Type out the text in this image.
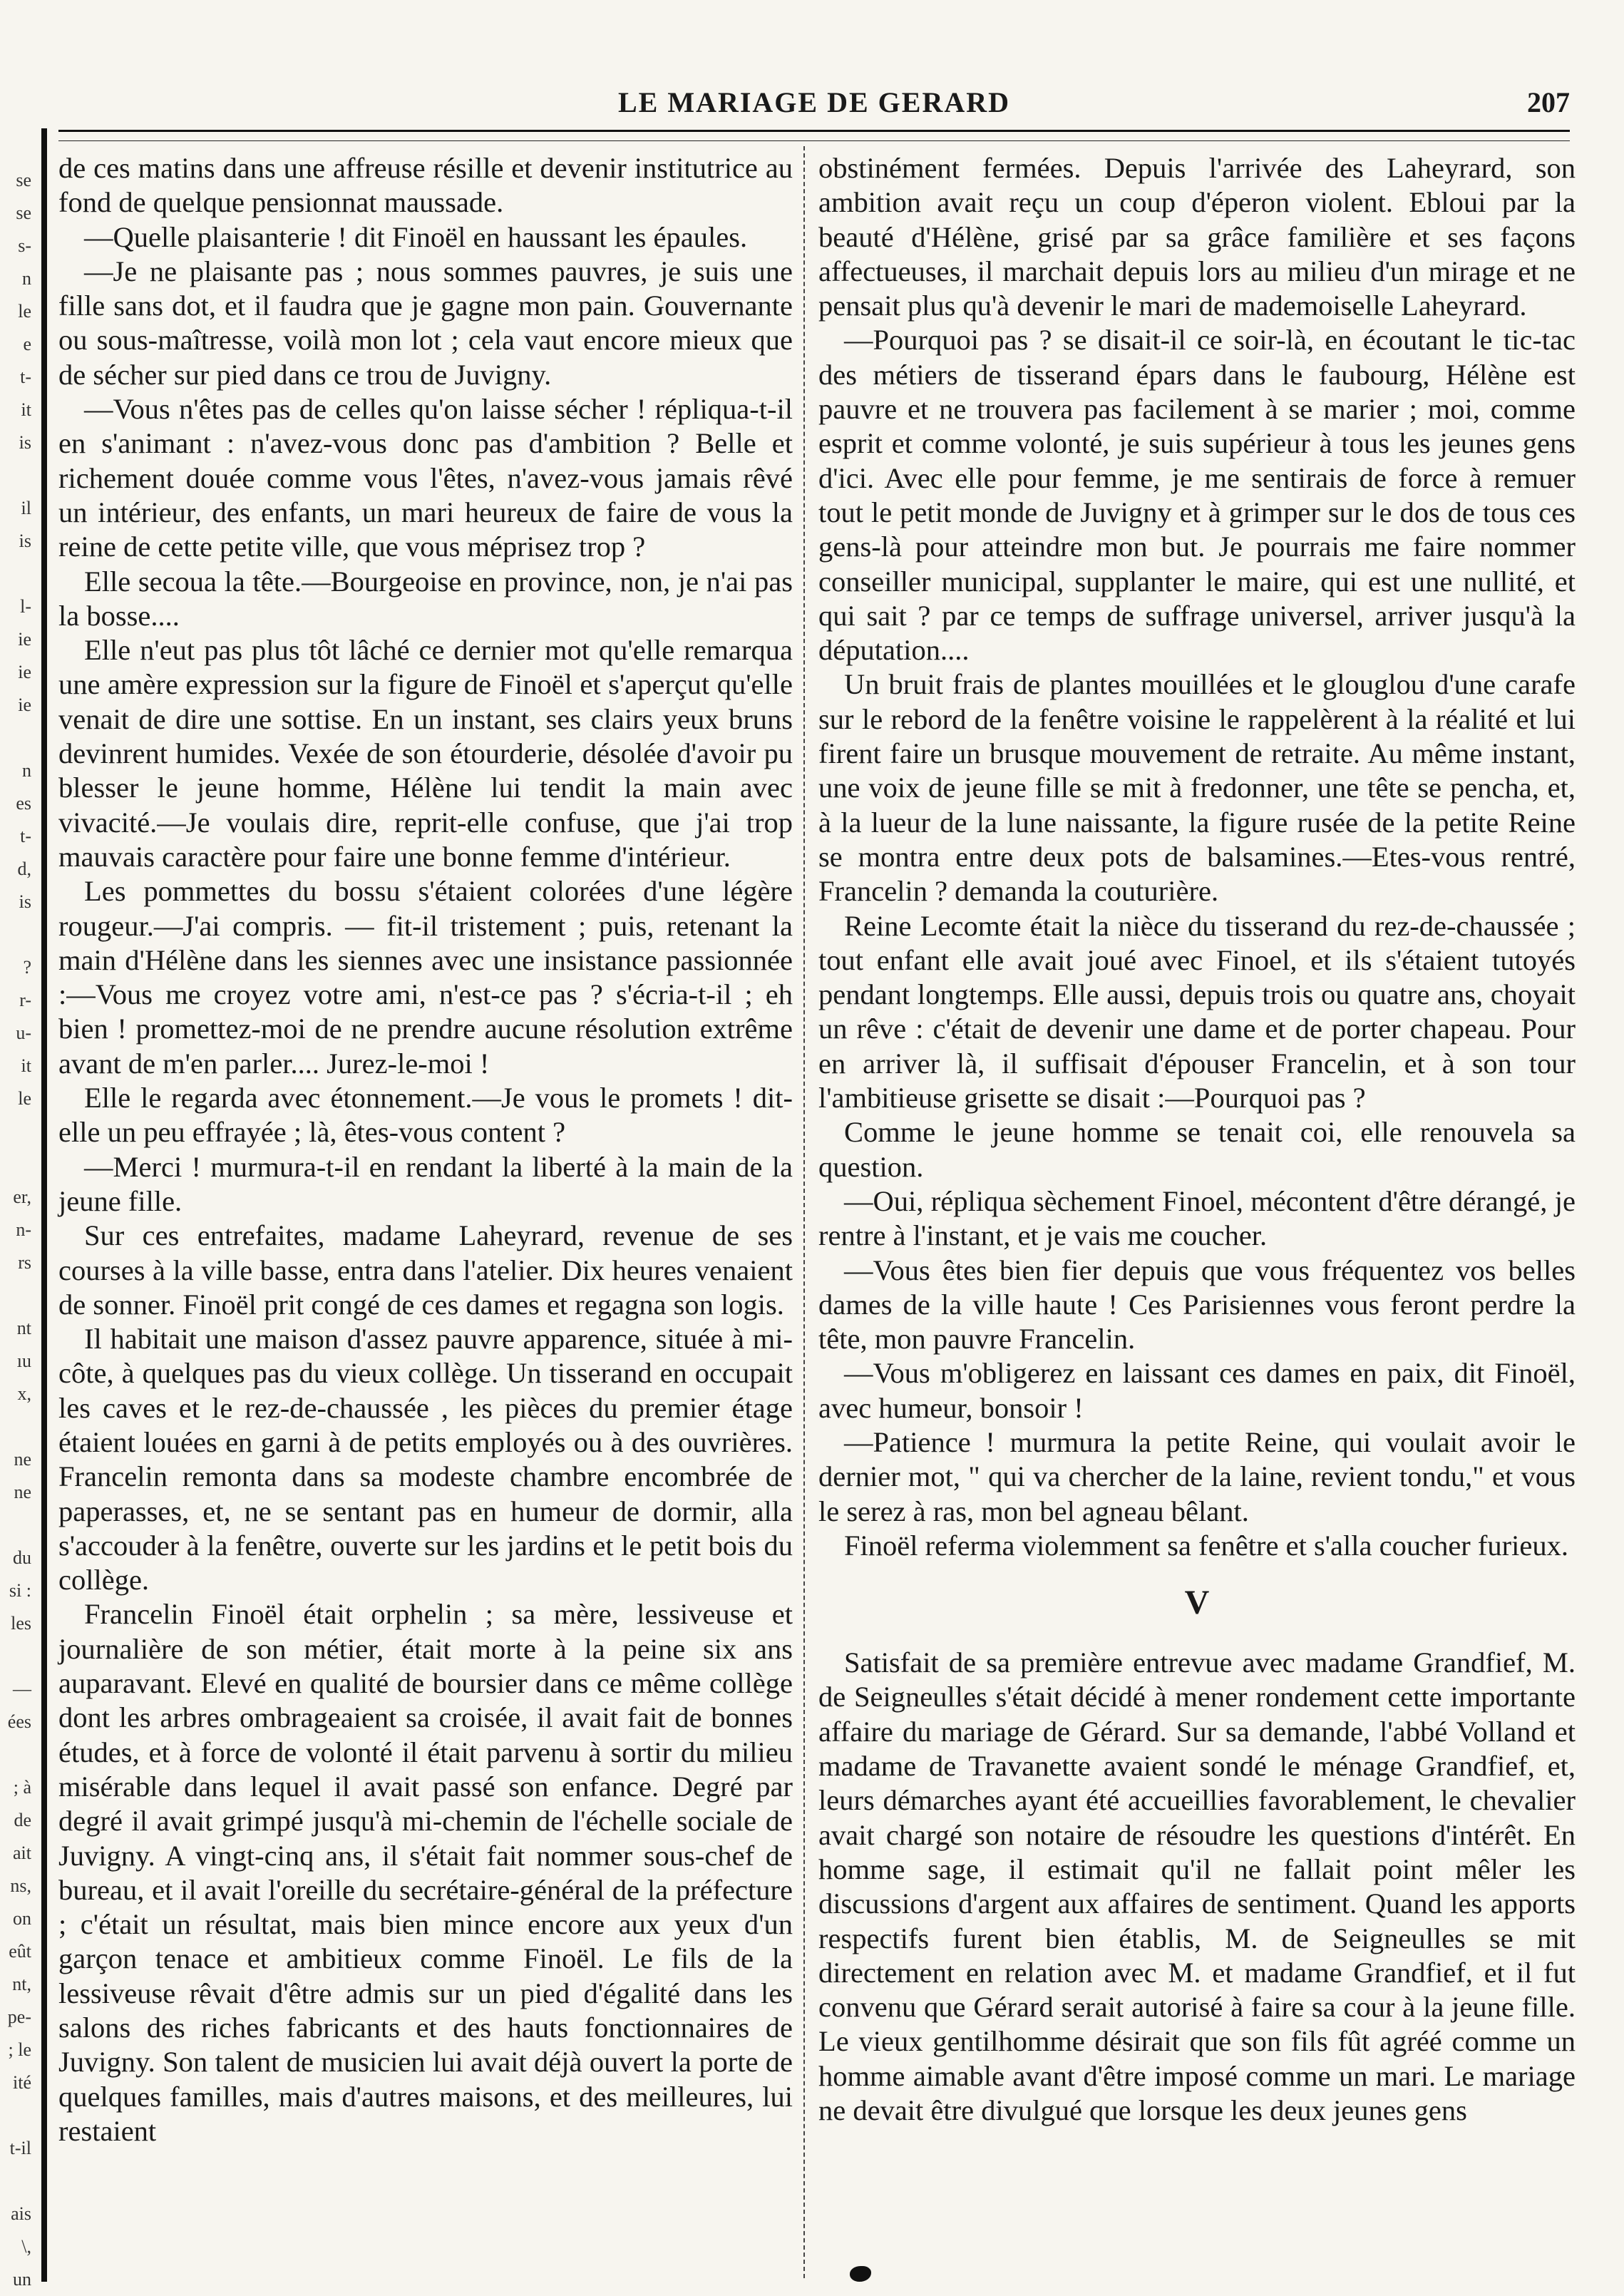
se
se
s-
n
le
e
t-
it
is
il
is
l-
ie
ie
ie
n
es
t-
d,
is
?
r-
u-
it
le
er,
n-
rs
nt
ıu
x,
ne
ne
du
si :
les
—
ées
; à
de
ait
ns,
on
eût
nt,
pe-
; le
ité
t-il
ais
\,
un
LE MARIAGE DE GERARD	207

de ces matins dans une affreuse résille et devenir institutrice au fond de quelque pensionnat maussade.

—Quelle plaisanterie ! dit Finoël en haussant les épaules.

—Je ne plaisante pas ; nous sommes pauvres, je suis une fille sans dot, et il faudra que je gagne mon pain. Gouvernante ou sous-maîtresse, voilà mon lot ; cela vaut encore mieux que de sécher sur pied dans ce trou de Juvigny.

—Vous n'êtes pas de celles qu'on laisse sécher ! répliqua-t-il en s'animant : n'avez-vous donc pas d'ambition ? Belle et richement douée comme vous l'êtes, n'avez-vous jamais rêvé un intérieur, des enfants, un mari heureux de faire de vous la reine de cette petite ville, que vous méprisez trop ?

Elle secoua la tête.—Bourgeoise en province, non, je n'ai pas la bosse....

Elle n'eut pas plus tôt lâché ce dernier mot qu'elle remarqua une amère expression sur la figure de Finoël et s'aperçut qu'elle venait de dire une sottise. En un instant, ses clairs yeux bruns devinrent humides. Vexée de son étourderie, désolée d'avoir pu blesser le jeune homme, Hélène lui tendit la main avec vivacité.—Je voulais dire, reprit-elle confuse, que j'ai trop mauvais caractère pour faire une bonne femme d'intérieur.

Les pommettes du bossu s'étaient colorées d'une légère rougeur.—J'ai compris. — fit-il tristement ; puis, retenant la main d'Hélène dans les siennes avec une insistance passionnée :—Vous me croyez votre ami, n'est-ce pas ? s'écria-t-il ; eh bien ! promettez-moi de ne prendre aucune résolution extrême avant de m'en parler.... Jurez-le-moi !

Elle le regarda avec étonnement.—Je vous le promets ! dit-elle un peu effrayée ; là, êtes-vous content ?

—Merci ! murmura-t-il en rendant la liberté à la main de la jeune fille.

Sur ces entrefaites, madame Laheyrard, revenue de ses courses à la ville basse, entra dans l'atelier. Dix heures venaient de sonner. Finoël prit congé de ces dames et regagna son logis.

Il habitait une maison d'assez pauvre apparence, située à mi-côte, à quelques pas du vieux collège. Un tisserand en occupait les caves et le rez-de-chaussée , les pièces du premier étage étaient louées en garni à de petits employés ou à des ouvrières. Francelin remonta dans sa modeste chambre encombrée de paperasses, et, ne se sentant pas en humeur de dormir, alla s'accouder à la fenêtre, ouverte sur les jardins et le petit bois du collège.

Francelin Finoël était orphelin ; sa mère, lessiveuse et journalière de son métier, était morte à la peine six ans auparavant. Elevé en qualité de boursier dans ce même collège dont les arbres ombrageaient sa croisée, il avait fait de bonnes études, et à force de volonté il était parvenu à sortir du milieu misérable dans lequel il avait passé son enfance. Degré par degré il avait grimpé jusqu'à mi-chemin de l'échelle sociale de Juvigny. A vingt-cinq ans, il s'était fait nommer sous-chef de bureau, et il avait l'oreille du secrétaire-général de la préfecture ; c'était un résultat, mais bien mince encore aux yeux d'un garçon tenace et ambitieux comme Finoël. Le fils de la lessiveuse rêvait d'être admis sur un pied d'égalité dans les salons des riches fabricants et des hauts fonctionnaires de Juvigny. Son talent de musicien lui avait déjà ouvert la porte de quelques familles, mais d'autres maisons, et des meilleures, lui restaient

obstinément fermées. Depuis l'arrivée des Laheyrard, son ambition avait reçu un coup d'éperon violent. Ebloui par la beauté d'Hélène, grisé par sa grâce familière et ses façons affectueuses, il marchait depuis lors au milieu d'un mirage et ne pensait plus qu'à devenir le mari de mademoiselle Laheyrard.

—Pourquoi pas ? se disait-il ce soir-là, en écoutant le tic-tac des métiers de tisserand épars dans le faubourg, Hélène est pauvre et ne trouvera pas facilement à se marier ; moi, comme esprit et comme volonté, je suis supérieur à tous les jeunes gens d'ici. Avec elle pour femme, je me sentirais de force à remuer tout le petit monde de Juvigny et à grimper sur le dos de tous ces gens-là pour atteindre mon but. Je pourrais me faire nommer conseiller municipal, supplanter le maire, qui est une nullité, et qui sait ? par ce temps de suffrage universel, arriver jusqu'à la députation....

Un bruit frais de plantes mouillées et le glouglou d'une carafe sur le rebord de la fenêtre voisine le rappelèrent à la réalité et lui firent faire un brusque mouvement de retraite. Au même instant, une voix de jeune fille se mit à fredonner, une tête se pencha, et, à la lueur de la lune naissante, la figure rusée de la petite Reine se montra entre deux pots de balsamines.—Etes-vous rentré, Francelin ? demanda la couturière.

Reine Lecomte était la nièce du tisserand du rez-de-chaussée ; tout enfant elle avait joué avec Finoel, et ils s'étaient tutoyés pendant longtemps. Elle aussi, depuis trois ou quatre ans, choyait un rêve : c'était de devenir une dame et de porter chapeau. Pour en arriver là, il suffisait d'épouser Francelin, et à son tour l'ambitieuse grisette se disait :—Pourquoi pas ?

Comme le jeune homme se tenait coi, elle renouvela sa question.

—Oui, répliqua sèchement Finoel, mécontent d'être dérangé, je rentre à l'instant, et je vais me coucher.

—Vous êtes bien fier depuis que vous fréquentez vos belles dames de la ville haute ! Ces Parisiennes vous feront perdre la tête, mon pauvre Francelin.

—Vous m'obligerez en laissant ces dames en paix, dit Finoël, avec humeur, bonsoir !

—Patience ! murmura la petite Reine, qui voulait avoir le dernier mot, " qui va chercher de la laine, revient tondu," et vous le serez à ras, mon bel agneau bêlant.

Finoël referma violemment sa fenêtre et s'alla coucher furieux.

V

Satisfait de sa première entrevue avec madame Grandfief, M. de Seigneulles s'était décidé à mener rondement cette importante affaire du mariage de Gérard. Sur sa demande, l'abbé Volland et madame de Travanette avaient sondé le ménage Grandfief, et, leurs démarches ayant été accueillies favorablement, le chevalier avait chargé son notaire de résoudre les questions d'intérêt. En homme sage, il estimait qu'il ne fallait point mêler les discussions d'argent aux affaires de sentiment. Quand les apports respectifs furent bien établis, M. de Seigneulles se mit directement en relation avec M. et madame Grandfief, et il fut convenu que Gérard serait autorisé à faire sa cour à la jeune fille. Le vieux gentilhomme désirait que son fils fût agréé comme un homme aimable avant d'être imposé comme un mari. Le mariage ne devait être divulgué que lorsque les deux jeunes gens
